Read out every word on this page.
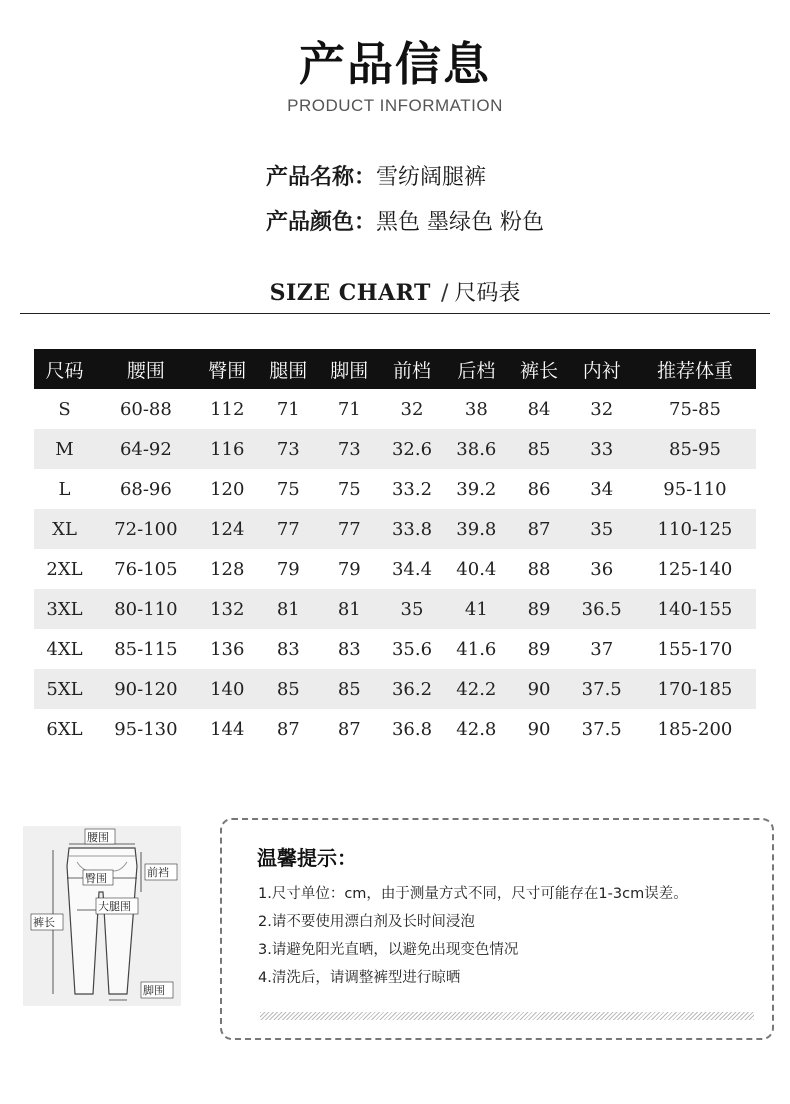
产品信息
PRODUCT INFORMATION
产品名称：雪纺阔腿裤
产品颜色：黑色 墨绿色 粉色
SIZE CHART / 尺码表
尺码	腰围	臀围	腿围	脚围	前档	后档	裤长	内衬	推荐体重
S	60-88	112	71	71	32	38	84	32	75-85
M	64-92	116	73	73	32.6	38.6	85	33	85-95
L	68-96	120	75	75	33.2	39.2	86	34	95-110
XL	72-100	124	77	77	33.8	39.8	87	35	110-125
2XL	76-105	128	79	79	34.4	40.4	88	36	125-140
3XL	80-110	132	81	81	35	41	89	36.5	140-155
4XL	85-115	136	83	83	35.6	41.6	89	37	155-170
5XL	90-120	140	85	85	36.2	42.2	90	37.5	170-185
6XL	95-130	144	87	87	36.8	42.8	90	37.5	185-200
腰围
臀围	前裆
大腿围
裤长
脚围
温馨提示：
1.尺寸单位：cm，由于测量方式不同，尺寸可能存在1-3cm误差。
2.请不要使用漂白剂及长时间浸泡
3.请避免阳光直晒，以避免出现变色情况
4.清洗后，请调整裤型进行晾晒
